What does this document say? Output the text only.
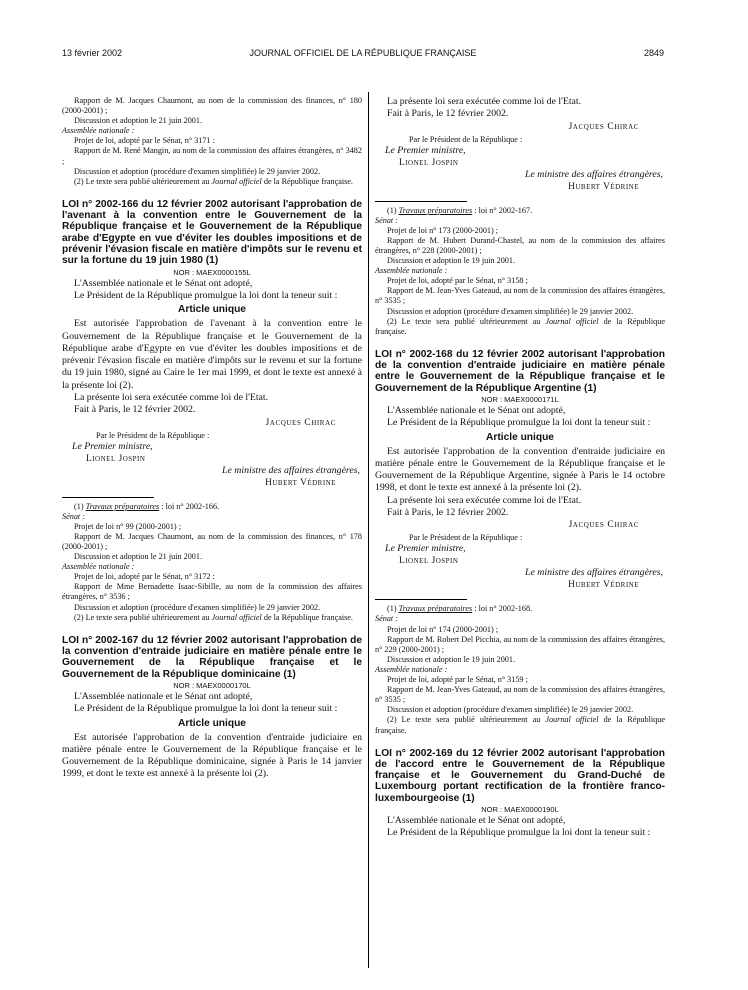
13 février 2002	JOURNAL OFFICIEL DE LA RÉPUBLIQUE FRANÇAISE	2849

Rapport de M. Jacques Chaumont, au nom de la commission des finances, n° 180 (2000-2001) ;

Discussion et adoption le 21 juin 2001.

Assemblée nationale :

Projet de loi, adopté par le Sénat, n° 3171 :

Rapport de M. René Mangin, au nom de la commission des affaires étrangères, n° 3482 ;

Discussion et adoption (procédure d'examen simplifiée) le 29 janvier 2002.

(2) Le texte sera publié ultérieurement au Journal officiel de la République française.

LOI n° 2002-166 du 12 février 2002 autorisant l'approbation de l'avenant à la convention entre le Gouvernement de la République française et le Gouvernement de la République arabe d'Egypte en vue d'éviter les doubles impositions et de prévenir l'évasion fiscale en matière d'impôts sur le revenu et sur la fortune du 19 juin 1980 (1)
NOR : MAEX0000155L

L'Assemblée nationale et le Sénat ont adopté,

Le Président de la République promulgue la loi dont la teneur suit :

Article unique

Est autorisée l'approbation de l'avenant à la convention entre le Gouvernement de la République française et le Gouvernement de la République arabe d'Egypte en vue d'éviter les doubles impositions et de prévenir l'évasion fiscale en matière d'impôts sur le revenu et sur la fortune du 19 juin 1980, signé au Caire le 1er mai 1999, et dont le texte est annexé à la présente loi (2).

La présente loi sera exécutée comme loi de l'Etat.

Fait à Paris, le 12 février 2002.

Jacques Chirac
Par le Président de la République :
Le Premier ministre,
Lionel Jospin
Le ministre des affaires étrangères,
Hubert Védrine

(1) Travaux préparatoires : loi n° 2002-166.

Sénat :

Projet de loi n° 99 (2000-2001) ;

Rapport de M. Jacques Chaumont, au nom de la commission des finances, n° 178 (2000-2001) ;

Discussion et adoption le 21 juin 2001.

Assemblée nationale :

Projet de loi, adopté par le Sénat, n° 3172 :

Rapport de Mme Bernadette Isaac-Sibille, au nom de la commission des affaires étrangères, n° 3536 ;

Discussion et adoption (procédure d'examen simplifiée) le 29 janvier 2002.

(2) Le texte sera publié ultérieurement au Journal officiel de la République française.

LOI n° 2002-167 du 12 février 2002 autorisant l'approbation de la convention d'entraide judiciaire en matière pénale entre le Gouvernement de la République française et le Gouvernement de la République dominicaine (1)
NOR : MAEX0000170L

L'Assemblée nationale et le Sénat ont adopté,

Le Président de la République promulgue la loi dont la teneur suit :

Article unique

Est autorisée l'approbation de la convention d'entraide judiciaire en matière pénale entre le Gouvernement de la République française et le Gouvernement de la République dominicaine, signée à Paris le 14 janvier 1999, et dont le texte est annexé à la présente loi (2).

La présente loi sera exécutée comme loi de l'Etat.

Fait à Paris, le 12 février 2002.

Jacques Chirac
Par le Président de la République :
Le Premier ministre,
Lionel Jospin
Le ministre des affaires étrangères,
Hubert Védrine

(1) Travaux préparatoires : loi n° 2002-167.

Sénat :

Projet de loi n° 173 (2000-2001) ;

Rapport de M. Hubert Durand-Chastel, au nom de la commission des affaires étrangères, n° 228 (2000-2001) ;

Discussion et adoption le 19 juin 2001.

Assemblée nationale :

Projet de loi, adopté par le Sénat, n° 3158 ;

Rapport de M. Jean-Yves Gateaud, au nom de la commission des affaires étrangères, n° 3535 ;

Discussion et adoption (procédure d'examen simplifiée) le 29 janvier 2002.

(2) Le texte sera publié ultérieurement au Journal officiel de la République française.

LOI n° 2002-168 du 12 février 2002 autorisant l'approbation de la convention d'entraide judiciaire en matière pénale entre le Gouvernement de la République française et le Gouvernement de la République Argentine (1)
NOR : MAEX0000171L

L'Assemblée nationale et le Sénat ont adopté,

Le Président de la République promulgue la loi dont la teneur suit :

Article unique

Est autorisée l'approbation de la convention d'entraide judiciaire en matière pénale entre le Gouvernement de la République française et le Gouvernement de la République Argentine, signée à Paris le 14 octobre 1998, et dont le texte est annexé à la présente loi (2).

La présente loi sera exécutée comme loi de l'Etat.

Fait à Paris, le 12 février 2002.

Jacques Chirac
Par le Président de la République :
Le Premier ministre,
Lionel Jospin
Le ministre des affaires étrangères,
Hubert Védrine

(1) Travaux préparatoires : loi n° 2002-168.

Sénat :

Projet de loi n° 174 (2000-2001) ;

Rapport de M. Robert Del Picchia, au nom de la commission des affaires étrangères, n° 229 (2000-2001) ;

Discussion et adoption le 19 juin 2001.

Assemblée nationale :

Projet de loi, adopté par le Sénat, n° 3159 ;

Rapport de M. Jean-Yves Gateaud, au nom de la commission des affaires étrangères, n° 3535 ;

Discussion et adoption (procédure d'examen simplifiée) le 29 janvier 2002.

(2) Le texte sera publié ultérieurement au Journal officiel de la République française.

LOI n° 2002-169 du 12 février 2002 autorisant l'approbation de l'accord entre le Gouvernement de la République française et le Gouvernement du Grand-Duché de Luxembourg portant rectification de la frontière franco-luxembourgeoise (1)
NOR : MAEX0000190L

L'Assemblée nationale et le Sénat ont adopté,

Le Président de la République promulgue la loi dont la teneur suit :
